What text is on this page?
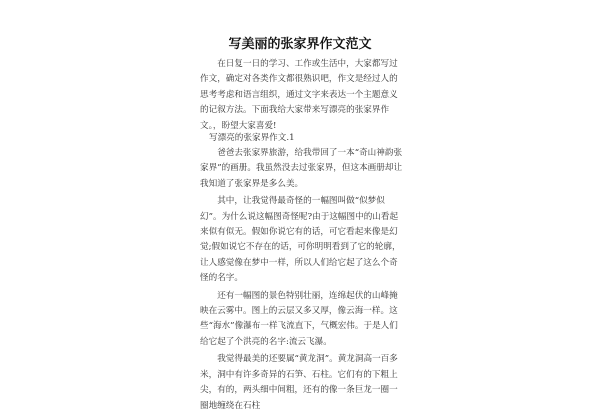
写美丽的张家界作文范文

在日复一日的学习、工作或生活中，大家都写过作文，确定对各类作文都很熟识吧，作文是经过人的思考考虑和语言组织，通过文字来表达一个主题意义的记叙方法。下面我给大家带来写漂亮的张家界作文。，盼望大家喜爱!

写漂亮的张家界作文.1

爸爸去张家界旅游，给我带回了一本“奇山神韵张家界”的画册。我虽然没去过张家界，但这本画册却让我知道了张家界是多么美。

其中，让我觉得最奇怪的一幅图叫做“似梦似幻”。为什么说这幅图奇怪呢?由于这幅图中的山看起来似有似无。假如你说它有的话，可它看起来像是幻觉;假如说它不存在的话，可你明明看到了它的轮廓，让人感觉像在梦中一样，所以人们给它起了这么个奇怪的名字。

还有一幅图的景色特别壮丽，连绵起伏的山峰掩映在云雾中。图上的云层又多又厚，像云海一样。这些“海水”像瀑布一样飞流直下，气概宏伟。于是人们给它起了个洪亮的名字:流云飞瀑。

我觉得最美的还要属“黄龙洞”。黄龙洞高一百多米，洞中有许多奇异的石笋、石柱。它们有的下粗上尖，有的，两头细中间粗，还有的像一条巨龙一圈一圈地缠绕在石柱
